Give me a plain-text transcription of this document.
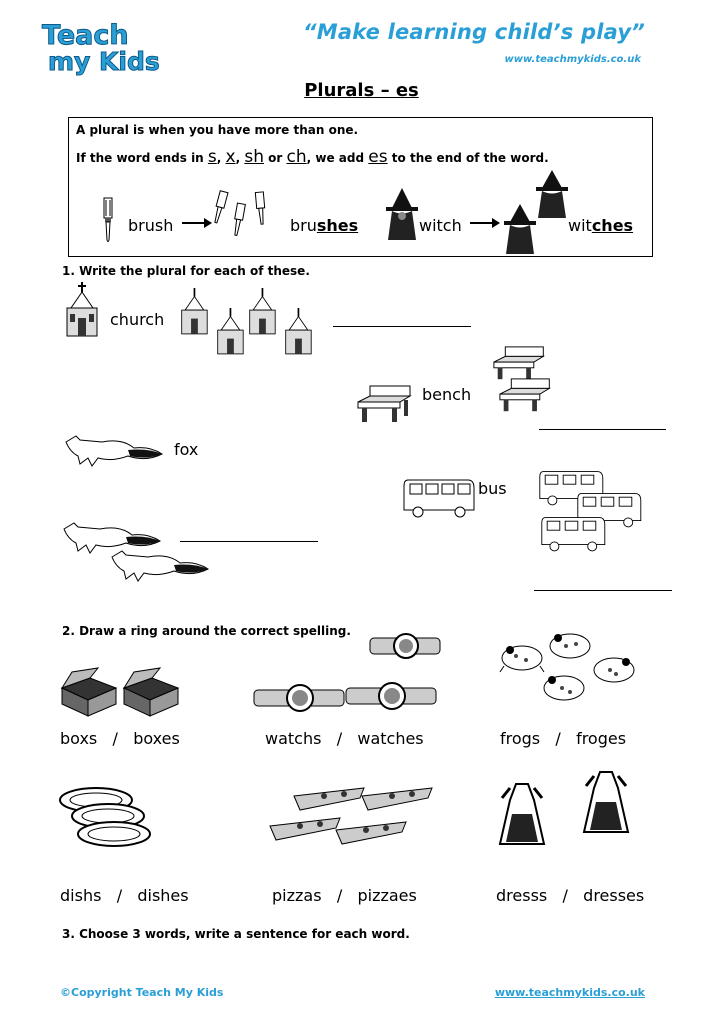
Teach
my Kids
“Make learning child’s play”
www.teachmykids.co.uk
Plurals – es
A plural is when you have more than one.
If the word ends in s, x, sh or ch, we add es to the end of the word.
brush	brushes	witch	witches
1. Write the plural for each of these.
church
bench
fox
bus
2. Draw a ring around the correct spelling.
boxs / boxes	watchs / watches	frogs / froges
dishs / dishes	pizzas / pizzaes	dresss / dresses
3. Choose 3 words, write a sentence for each word.
©Copyright Teach My Kids	www.teachmykids.co.uk
